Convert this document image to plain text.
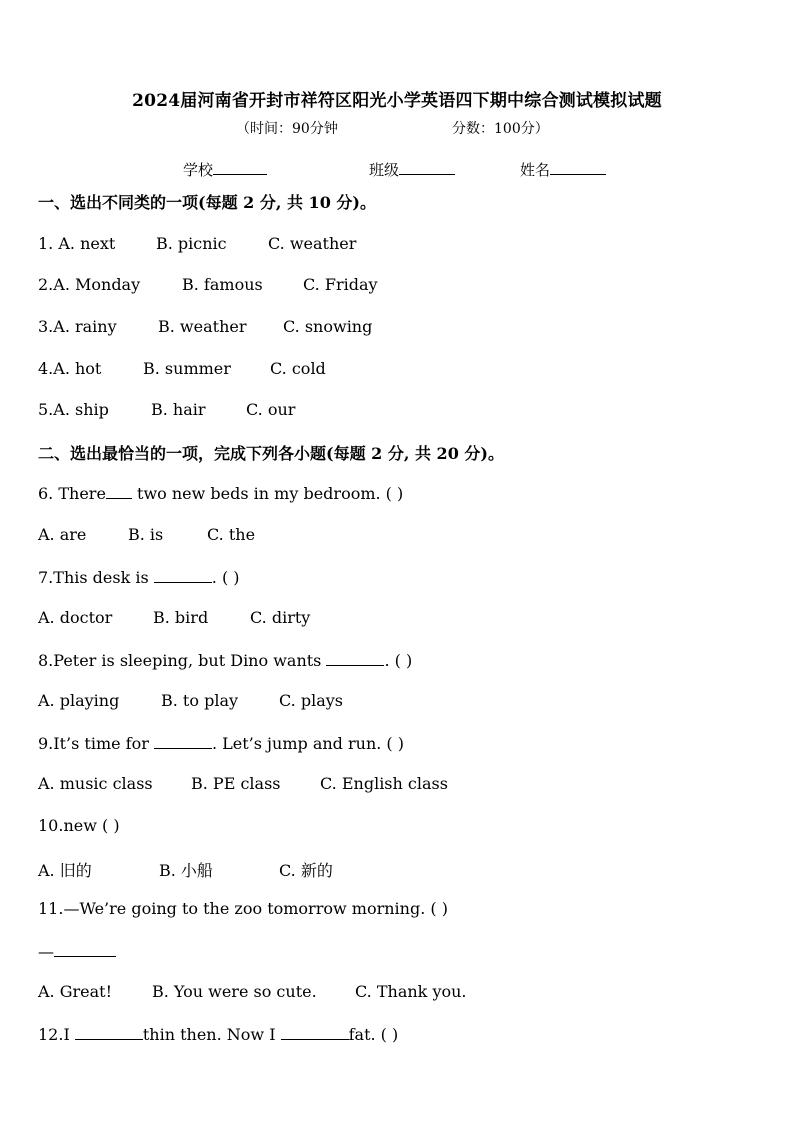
2024届河南省开封市祥符区阳光小学英语四下期中综合测试模拟试题
（时间：90分钟	分数：100分）
学校	班级	姓名
一、选出不同类的一项(每题 2 分, 共 10 分)。
1. A. next	B. picnic	C. weather
2.A. Monday	B. famous	C. Friday
3.A. rainy	B. weather C. snowing
4.A. hot	B. summer C. cold
5.A. ship	B. hair	C. our
二、选出最恰当的一项，完成下列各小题(每题 2 分, 共 20 分)。
6. There two new beds in my bedroom. ( )
A. are	B. is	C. the
7.This desk is	. ( )
A. doctor	B. bird	C. dirty
8.Peter is sleeping, but Dino wants	. ( )
A. playing	B. to play	C. plays
9.It’s time for	. Let’s jump and run. ( )
A. music class B. PE class C. English class
10.new ( )
A. 旧的	B. 小船	C. 新的
11.—We’re going to the zoo tomorrow morning. ( )
—
A. Great! B. You were so cute. C. Thank you.
12.I	thin then. Now I	fat. ( )
